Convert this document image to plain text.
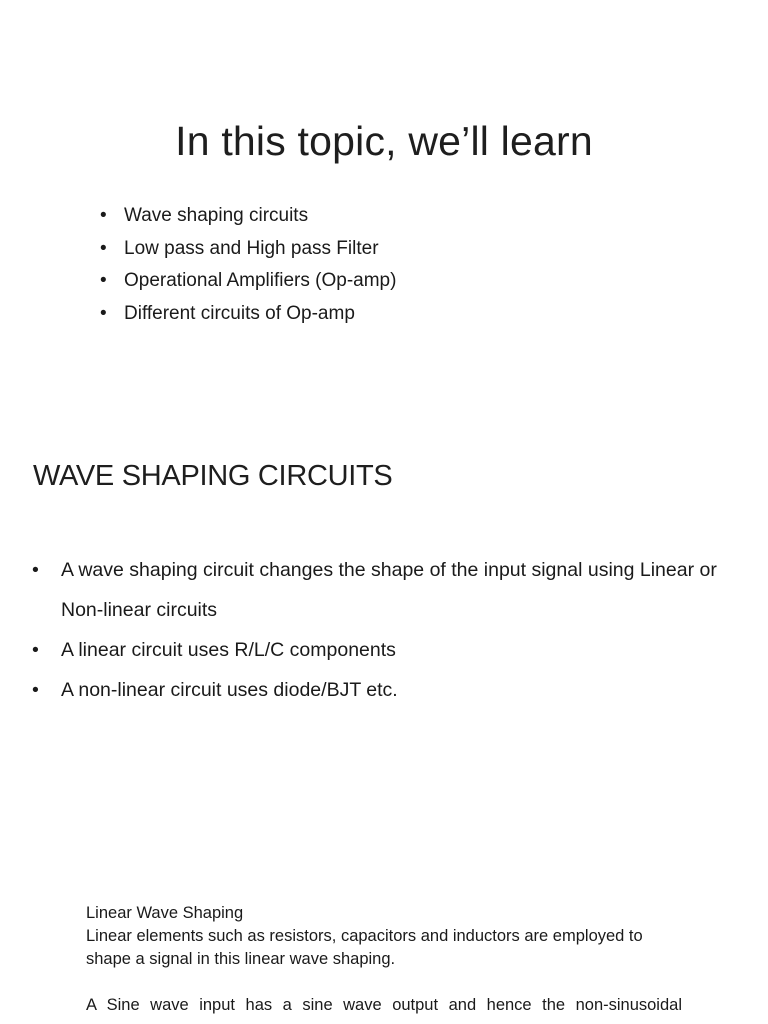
In this topic, we’ll learn
• Wave shaping circuits
• Low pass and High pass Filter
• Operational Amplifiers (Op-amp)
• Different circuits of Op-amp
WAVE SHAPING CIRCUITS
• A wave shaping circuit changes the shape of the input signal using Linear or Non-linear circuits
• A linear circuit uses R/L/C components
• A non-linear circuit uses diode/BJT etc.

Linear Wave Shaping

Linear elements such as resistors, capacitors and inductors are employed to shape a signal in this linear wave shaping.

A Sine wave input has a sine wave output and hence the non-sinusoidal
